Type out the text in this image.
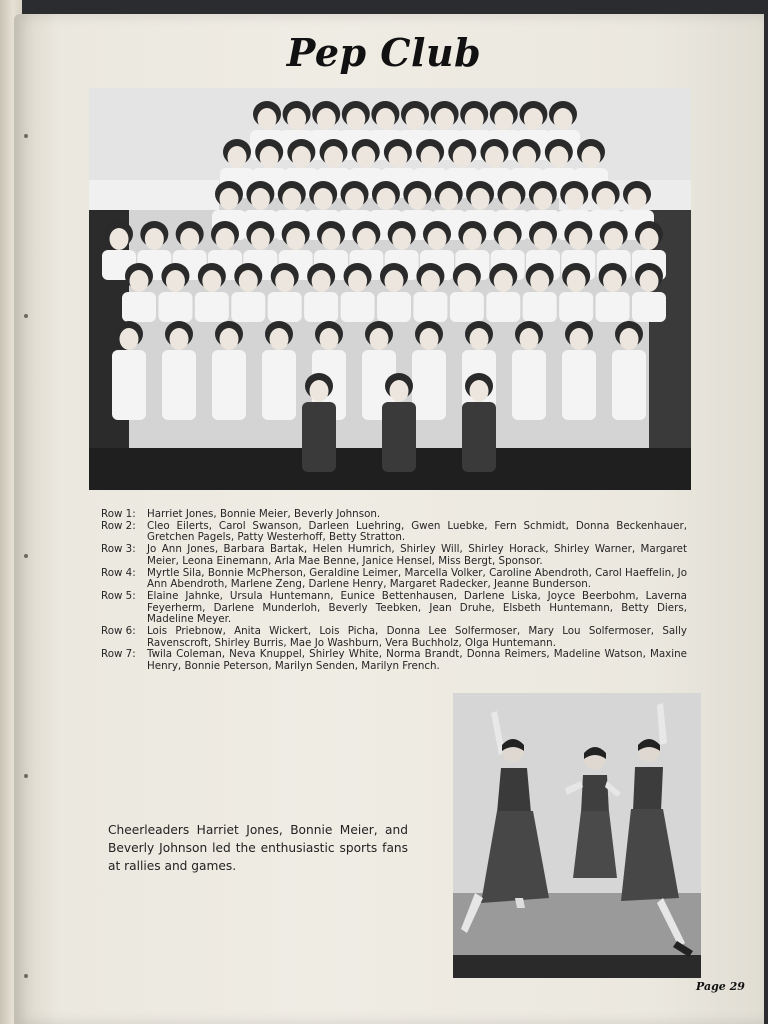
Pep Club
Row 1:	Harriet Jones, Bonnie Meier, Beverly Johnson.
Row 2:	Cleo Eilerts, Carol Swanson, Darleen Luehring, Gwen Luebke, Fern Schmidt, Donna Beckenhauer, Gretchen Pagels, Patty Westerhoff, Betty Stratton.
Row 3:	Jo Ann Jones, Barbara Bartak, Helen Humrich, Shirley Will, Shirley Horack, Shirley Warner, Margaret Meier, Leona Einemann, Arla Mae Benne, Janice Hensel, Miss Bergt, Sponsor.
Row 4:	Myrtle Sila, Bonnie McPherson, Geraldine Leimer, Marcella Volker, Caroline Abendroth, Carol Haeffelin, Jo Ann Abendroth, Marlene Zeng, Darlene Henry, Margaret Radecker, Jeanne Bunderson.
Row 5:	Elaine Jahnke, Ursula Huntemann, Eunice Bettenhausen, Darlene Liska, Joyce Beerbohm, Laverna Feyerherm, Darlene Munderloh, Beverly Teebken, Jean Druhe, Elsbeth Huntemann, Betty Diers, Madeline Meyer.
Row 6:	Lois Priebnow, Anita Wickert, Lois Picha, Donna Lee Solfermoser, Mary Lou Solfermoser, Sally Ravenscroft, Shirley Burris, Mae Jo Washburn, Vera Buchholz, Olga Huntemann.
Row 7:	Twila Coleman, Neva Knuppel, Shirley White, Norma Brandt, Donna Reimers, Madeline Watson, Maxine Henry, Bonnie Peterson, Marilyn Senden, Marilyn French.
Cheerleaders Harriet Jones, Bonnie Meier, and Beverly Johnson led the enthusiastic sports fans at rallies and games.
Page 29
